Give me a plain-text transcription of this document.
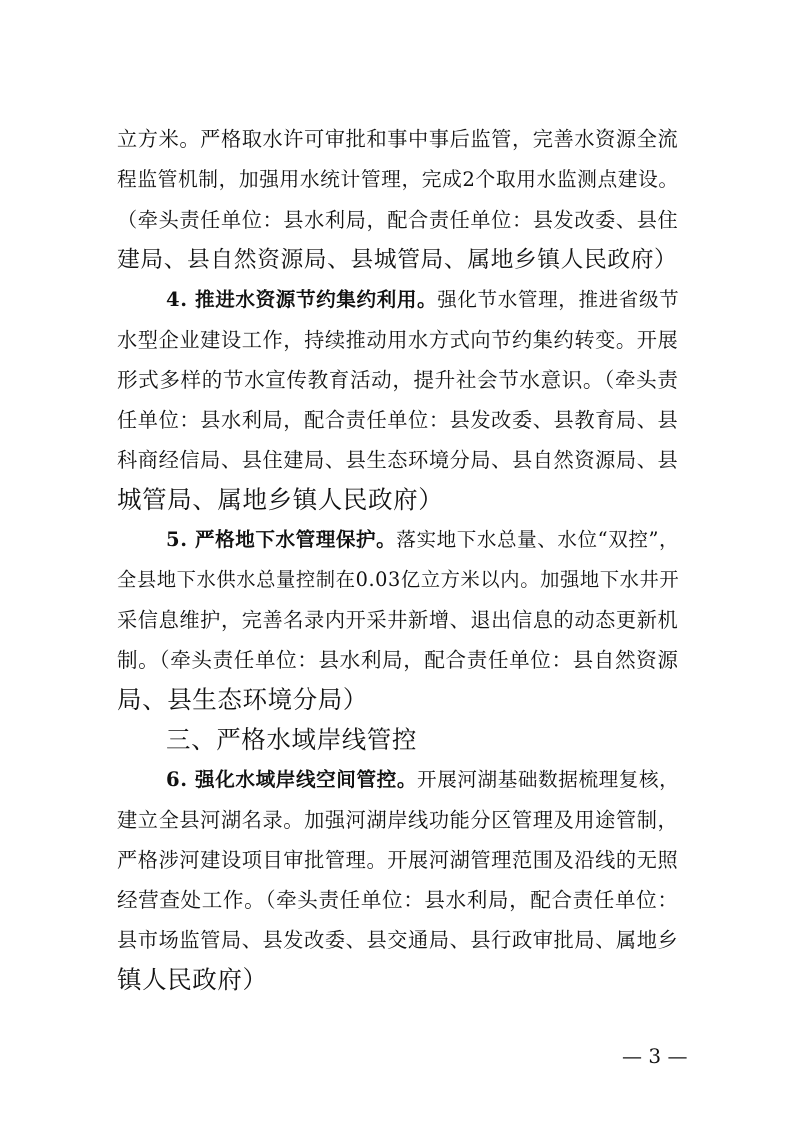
立方米。严格取水许可审批和事中事后监管，完善水资源全流
程监管机制，加强用水统计管理，完成2个取用水监测点建设。
（牵头责任单位：县水利局，配合责任单位：县发改委、县住
建局、县自然资源局、县城管局、属地乡镇人民政府）
4. 推进水资源节约集约利用。强化节水管理，推进省级节
水型企业建设工作，持续推动用水方式向节约集约转变。开展
形式多样的节水宣传教育活动，提升社会节水意识。（牵头责
任单位：县水利局，配合责任单位：县发改委、县教育局、县
科商经信局、县住建局、县生态环境分局、县自然资源局、县
城管局、属地乡镇人民政府）
5. 严格地下水管理保护。落实地下水总量、水位“双控”，
全县地下水供水总量控制在0.03亿立方米以内。加强地下水井开
采信息维护，完善名录内开采井新增、退出信息的动态更新机
制。（牵头责任单位：县水利局，配合责任单位：县自然资源
局、县生态环境分局）
三、严格水域岸线管控
6. 强化水域岸线空间管控。开展河湖基础数据梳理复核，
建立全县河湖名录。加强河湖岸线功能分区管理及用途管制，
严格涉河建设项目审批管理。开展河湖管理范围及沿线的无照
经营查处工作。（牵头责任单位：县水利局，配合责任单位：
县市场监管局、县发改委、县交通局、县行政审批局、属地乡
镇人民政府）
— 3 —
